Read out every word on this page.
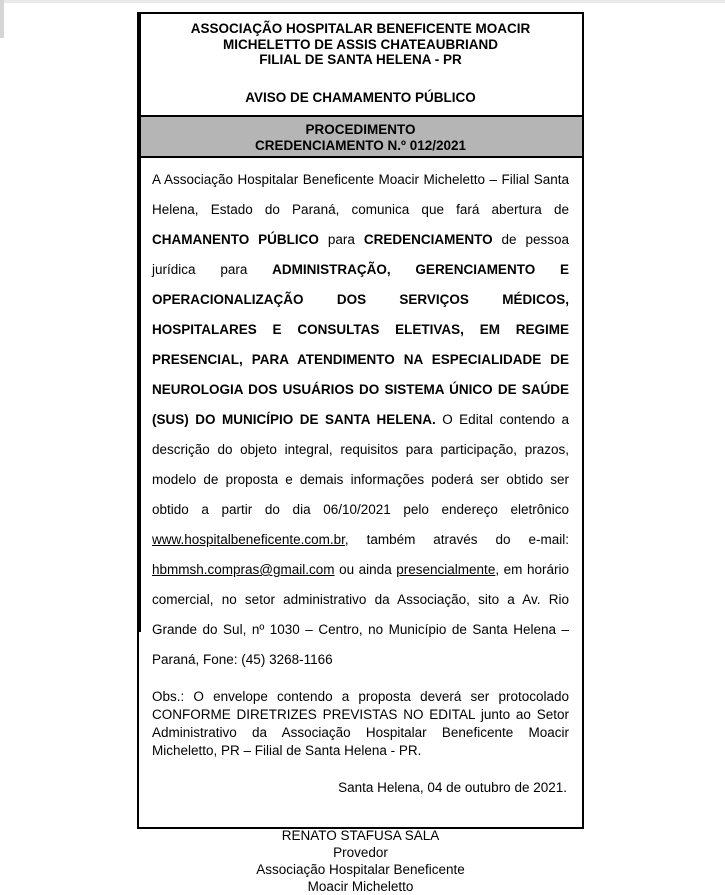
ASSOCIAÇÃO HOSPITALAR BENEFICENTE MOACIR
MICHELETTO DE ASSIS CHATEAUBRIAND
FILIAL DE SANTA HELENA - PR
AVISO DE CHAMAMENTO PÚBLICO
PROCEDIMENTO
CREDENCIAMENTO N.º 012/2021

A Associação Hospitalar Beneficente Moacir Micheletto – Filial Santa Helena, Estado do Paraná, comunica que fará abertura de CHAMANENTO PÚBLICO para CREDENCIAMENTO de pessoa jurídica para ADMINISTRAÇÃO, GERENCIAMENTO E OPERACIONALIZAÇÃO DOS SERVIÇOS MÉDICOS, HOSPITALARES E CONSULTAS ELETIVAS, EM REGIME PRESENCIAL, PARA ATENDIMENTO NA ESPECIALIDADE DE NEUROLOGIA DOS USUÁRIOS DO SISTEMA ÚNICO DE SAÚDE (SUS) DO MUNICÍPIO DE SANTA HELENA. O Edital contendo a descrição do objeto integral, requisitos para participação, prazos, modelo de proposta e demais informações poderá ser obtido ser obtido a partir do dia 06/10/2021 pelo endereço eletrônico www.hospitalbeneficente.com.br, também através do e-mail: hbmmsh.compras@gmail.com ou ainda presencialmente, em horário comercial, no setor administrativo da Associação, sito a Av. Rio Grande do Sul, nº 1030 – Centro, no Município de Santa Helena – Paraná, Fone: (45) 3268-1166

Obs.: O envelope contendo a proposta deverá ser protocolado CONFORME DIRETRIZES PREVISTAS NO EDITAL junto ao Setor Administrativo da Associação Hospitalar Beneficente Moacir Micheletto, PR – Filial de Santa Helena - PR.

Santa Helena, 04 de outubro de 2021.
RENATO STAFUSA SALA
Provedor
Associação Hospitalar Beneficente
Moacir Micheletto
